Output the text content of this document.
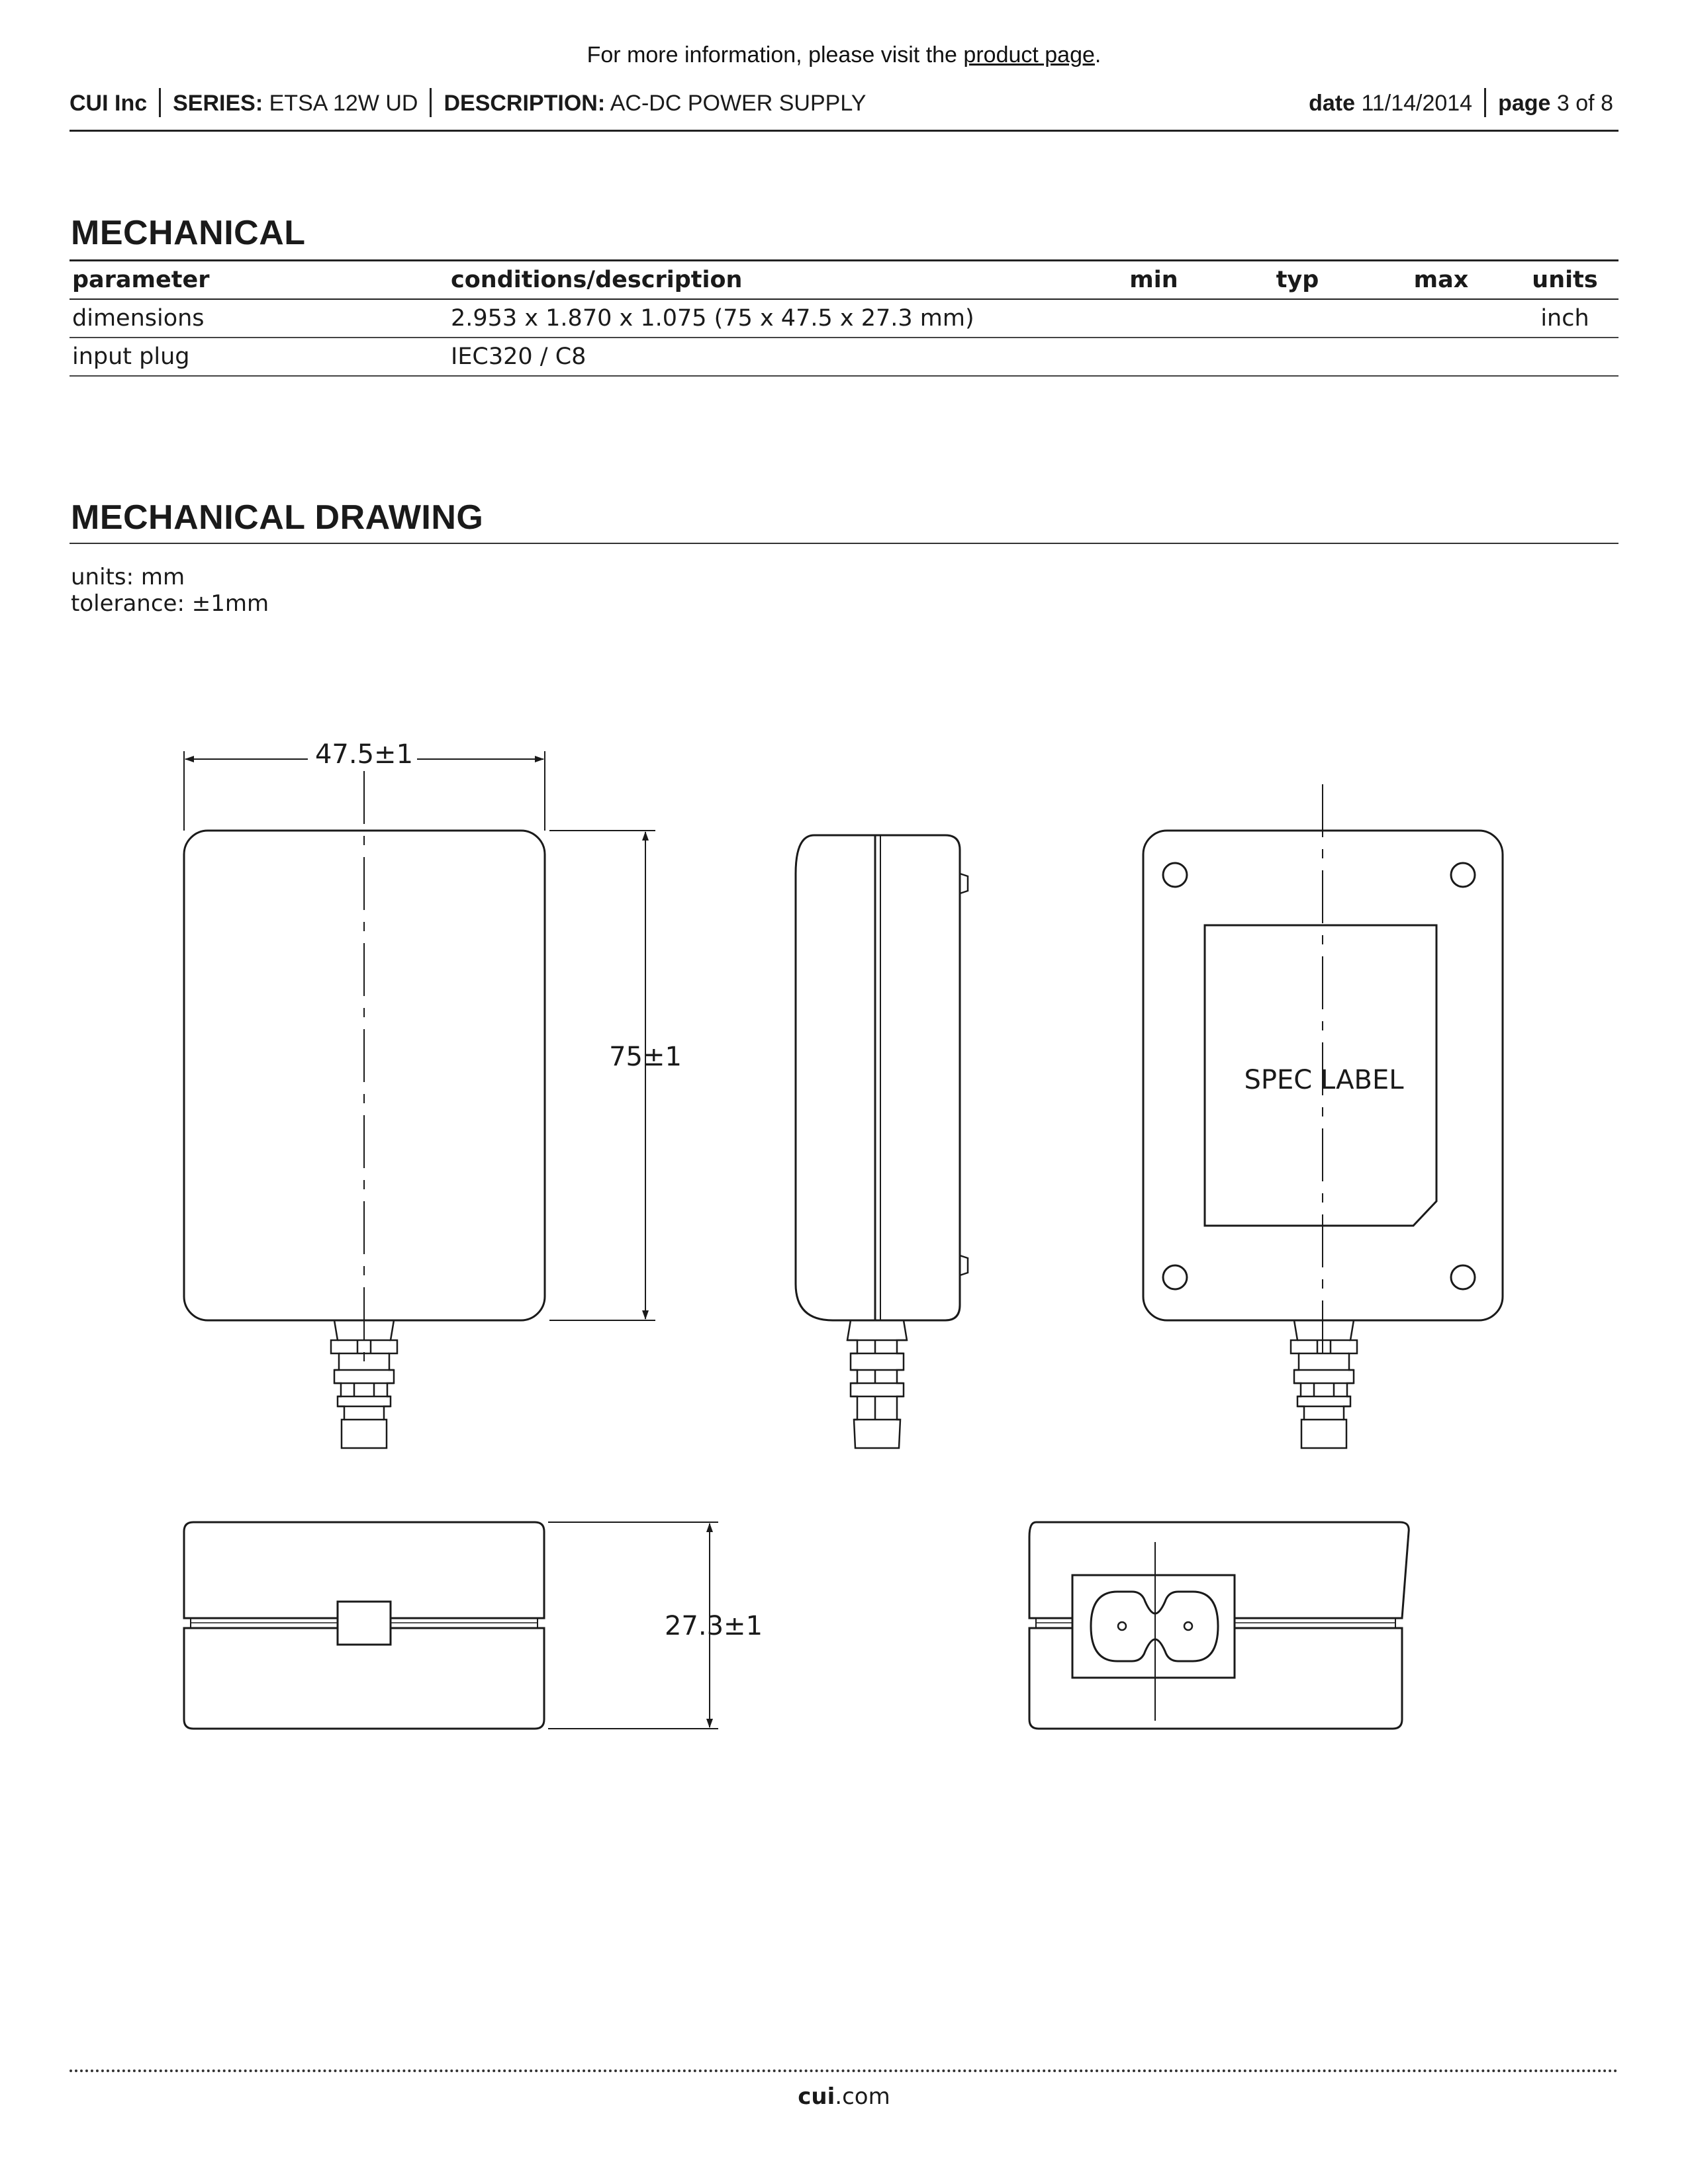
For more information, please visit the product page.
CUI Inc SERIES: ETSA 12W UD DESCRIPTION: AC-DC POWER SUPPLY	date 11/14/2014 page 3 of 8
MECHANICAL
parameter	conditions/description	min	typ	max	units
dimensions	2.953 x 1.870 x 1.075 (75 x 47.5 x 27.3 mm)				inch
input plug	IEC320 / C8				
MECHANICAL DRAWING
units: mm
tolerance: ±1mm
47.5±1
75±1
SPEC LABEL
27.3±1
cui.com
